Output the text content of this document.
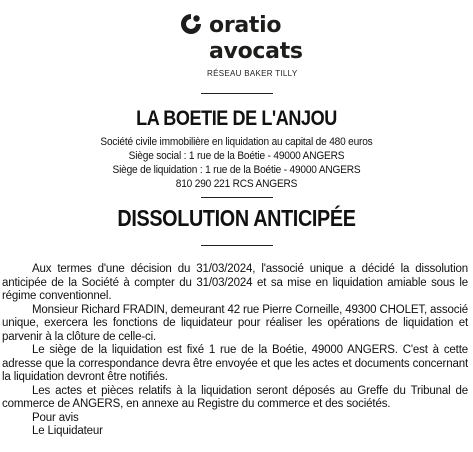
oratio
avocats
RÉSEAU BAKER TILLY
LA BOETIE DE L'ANJOU
Société civile immobilière en liquidation au capital de 480 euros
Siège social : 1 rue de la Boétie - 49000 ANGERS
Siège de liquidation : 1 rue de la Boétie - 49000 ANGERS
810 290 221 RCS ANGERS
DISSOLUTION ANTICIPÉE

Aux termes d'une décision du 31/03/2024, l'associé unique a décidé la dissolution anticipée de la Société à compter du 31/03/2024 et sa mise en liquidation amiable sous le régime conventionnel.

Monsieur Richard FRADIN, demeurant 42 rue Pierre Corneille, 49300 CHOLET, associé unique, exercera les fonctions de liquidateur pour réaliser les opérations de liquidation et parvenir à la clôture de celle-ci.

Le siège de la liquidation est fixé 1 rue de la Boétie, 49000 ANGERS. C'est à cette adresse que la correspondance devra être envoyée et que les actes et documents concernant la liquidation devront être notifiés.

Les actes et pièces relatifs à la liquidation seront déposés au Greffe du Tribunal de commerce de ANGERS, en annexe au Registre du commerce et des sociétés.

Pour avis

Le Liquidateur
